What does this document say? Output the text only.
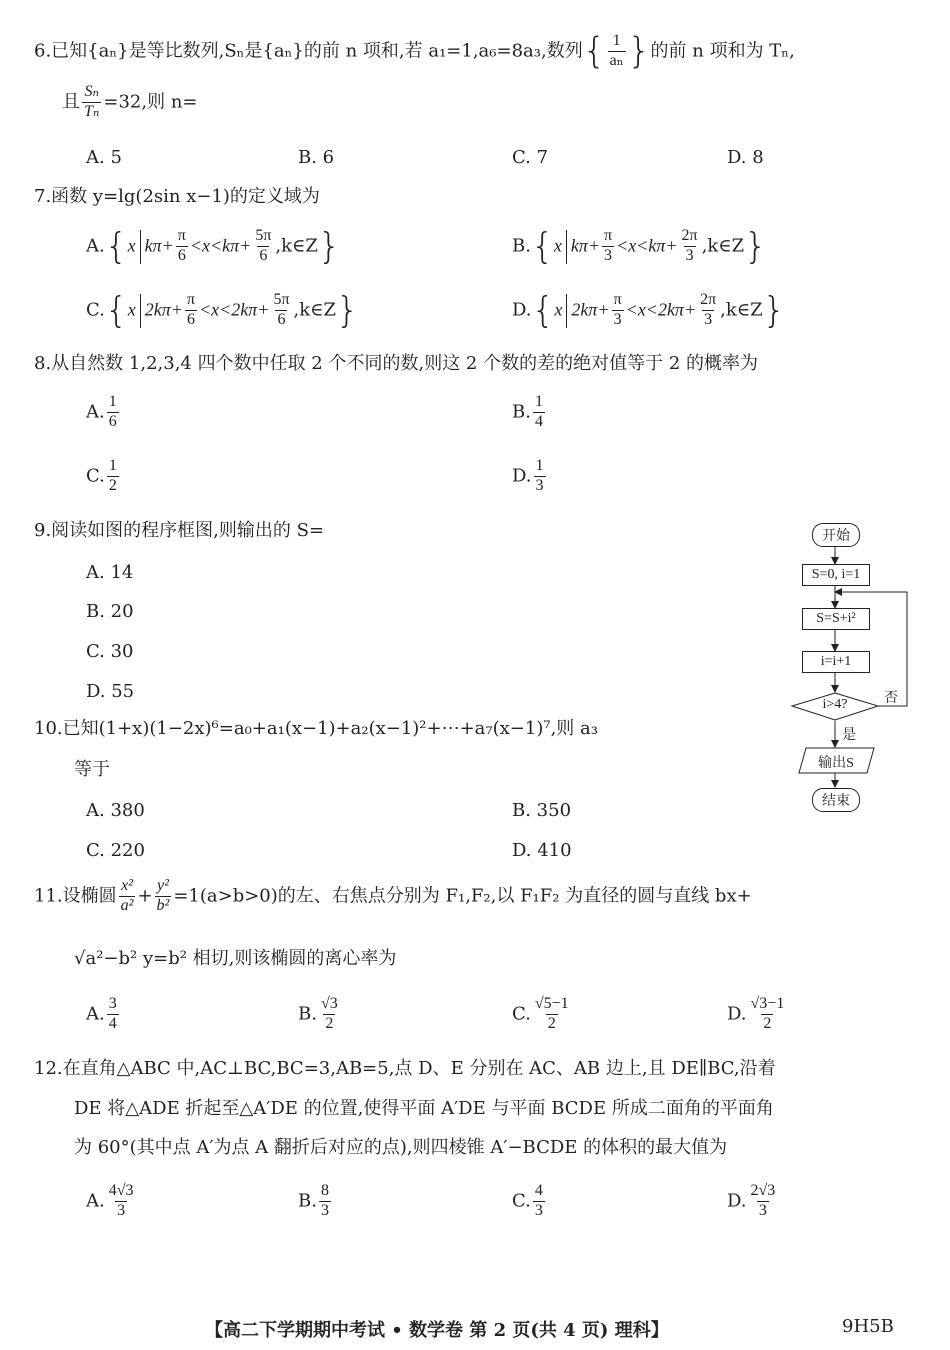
6.已知{aₙ}是等比数列,Sₙ是{aₙ}的前 n 项和,若 a₁=1,a₆=8a₃,数列{ $\frac{1}{\text{aₙ}}$ }的前 n 项和为 Tₙ,
且 $\frac{\text{Sₙ}}{\text{Tₙ}} =32$,则 n=
A. 5	B. 6	C. 7	D. 8
7.函数 y=lg(2sin x−1)的定义域为
A.{x $k\pi+ \frac{\pi}{6} <x<k\pi+ \frac{5\pi}{6}$ ,k∈Z}	B.{x $k\pi+ \frac{\pi}{3} <x<k\pi+ \frac{2\pi}{3}$ ,k∈Z}
C.{x $2k\pi+ \frac{\pi}{6} <x<2k\pi+ \frac{5\pi}{6}$ ,k∈Z}	D.{x $2k\pi+ \frac{\pi}{3} <x<2k\pi+ \frac{2\pi}{3}$ ,k∈Z}
8.从自然数 1,2,3,4 四个数中任取 2 个不同的数,则这 2 个数的差的绝对值等于 2 的概率为
A. $\frac{1}{6}$	B. $\frac{1}{4}$
C. $\frac{1}{2}$	D. $\frac{1}{3}$
9.阅读如图的程序框图,则输出的 S=
A. 14
B. 20
C. 30
D. 55
开始
S=0, i=1
S=S+i²
i=i+1
i>4?	否
是
输出S
结束
10.已知(1+x)(1−2x)⁶=a₀+a₁(x−1)+a₂(x−1)²+⋯+a₇(x−1)⁷,则 a₃
等于
A. 380	B. 350
C. 220	D. 410
11.设椭圆 $\frac{\text{x²}}{\text{a²}} + \frac{\text{y²}}{\text{b²}} =1(a>b>0)$的左、右焦点分别为 F₁,F₂,以 F₁F₂ 为直径的圆与直线 bx+
√a²−b² y=b² 相切,则该椭圆的离心率为
A. $\frac{3}{4}$	B. $\frac{√3}{2}$	C. $\frac{√5-1}{2}$	D. $\frac{√3-1}{2}$
12.在直角△ABC 中,AC⊥BC,BC=3,AB=5,点 D、E 分别在 AC、AB 边上,且 DE∥BC,沿着
DE 将△ADE 折起至△A′DE 的位置,使得平面 A′DE 与平面 BCDE 所成二面角的平面角
为 60°(其中点 A′为点 A 翻折后对应的点),则四棱锥 A′−BCDE 的体积的最大值为
A. $\frac{4√3}{3}$	B. $\frac{8}{3}$	C. $\frac{4}{3}$	D. $\frac{2√3}{3}$
【高二下学期期中考试 • 数学卷 第 2 页(共 4 页) 理科】	9H5B
